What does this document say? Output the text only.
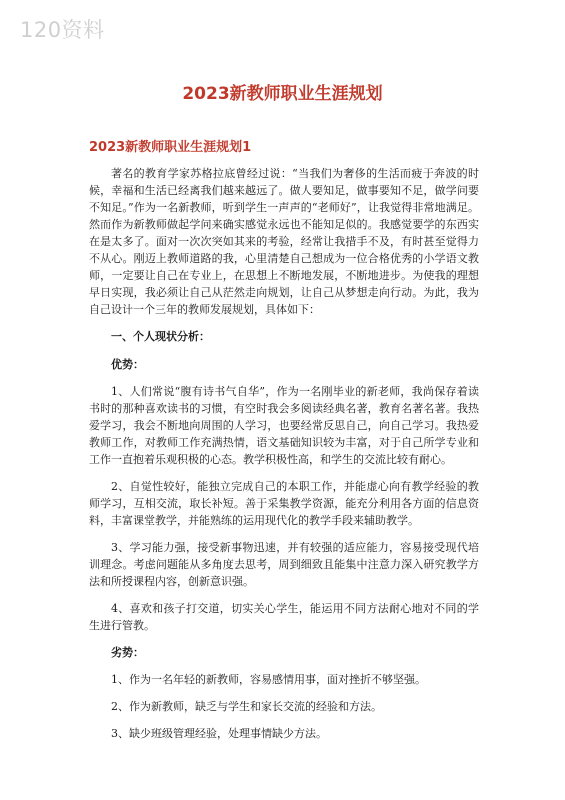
120资料
2023新教师职业生涯规划
2023新教师职业生涯规划1

著名的教育学家苏格拉底曾经过说：“当我们为奢侈的生活而疲于奔波的时候，幸福和生活已经离我们越来越远了。做人要知足，做事要知不足，做学问要不知足。”作为一名新教师，听到学生一声声的“老师好”，让我觉得非常地满足。然而作为新教师做起学问来确实感觉永远也不能知足似的。我感觉要学的东西实在是太多了。面对一次次突如其来的考验，经常让我措手不及，有时甚至觉得力不从心。刚迈上教师道路的我，心里清楚自己想成为一位合格优秀的小学语文教师，一定要让自己在专业上，在思想上不断地发展，不断地进步。为使我的理想早日实现，我必须让自己从茫然走向规划，让自己从梦想走向行动。为此，我为自己设计一个三年的教师发展规划，具体如下：

一、个人现状分析：

优势：

1、人们常说“腹有诗书气自华”，作为一名刚毕业的新老师，我尚保存着读书时的那种喜欢读书的习惯，有空时我会多阅读经典名著，教育名著名著。我热爱学习，我会不断地向周围的人学习，也要经常反思自己，向自己学习。我热爱教师工作，对教师工作充满热情，语文基础知识较为丰富，对于自己所学专业和工作一直抱着乐观积极的心态。教学积极性高，和学生的交流比较有耐心。

2、自觉性较好，能独立完成自己的本职工作，并能虚心向有教学经验的教师学习，互相交流，取长补短。善于采集教学资源，能充分利用各方面的信息资料，丰富课堂教学，并能熟练的运用现代化的教学手段来辅助教学。

3、学习能力强，接受新事物迅速，并有较强的适应能力，容易接受现代培训理念。考虑问题能从多角度去思考，周到细致且能集中注意力深入研究教学方法和所授课程内容，创新意识强。

4、喜欢和孩子打交道，切实关心学生，能运用不同方法耐心地对不同的学生进行管教。

劣势：

1、作为一名年轻的新教师，容易感情用事，面对挫折不够坚强。

2、作为新教师，缺乏与学生和家长交流的经验和方法。

3、缺少班级管理经验，处理事情缺少方法。
